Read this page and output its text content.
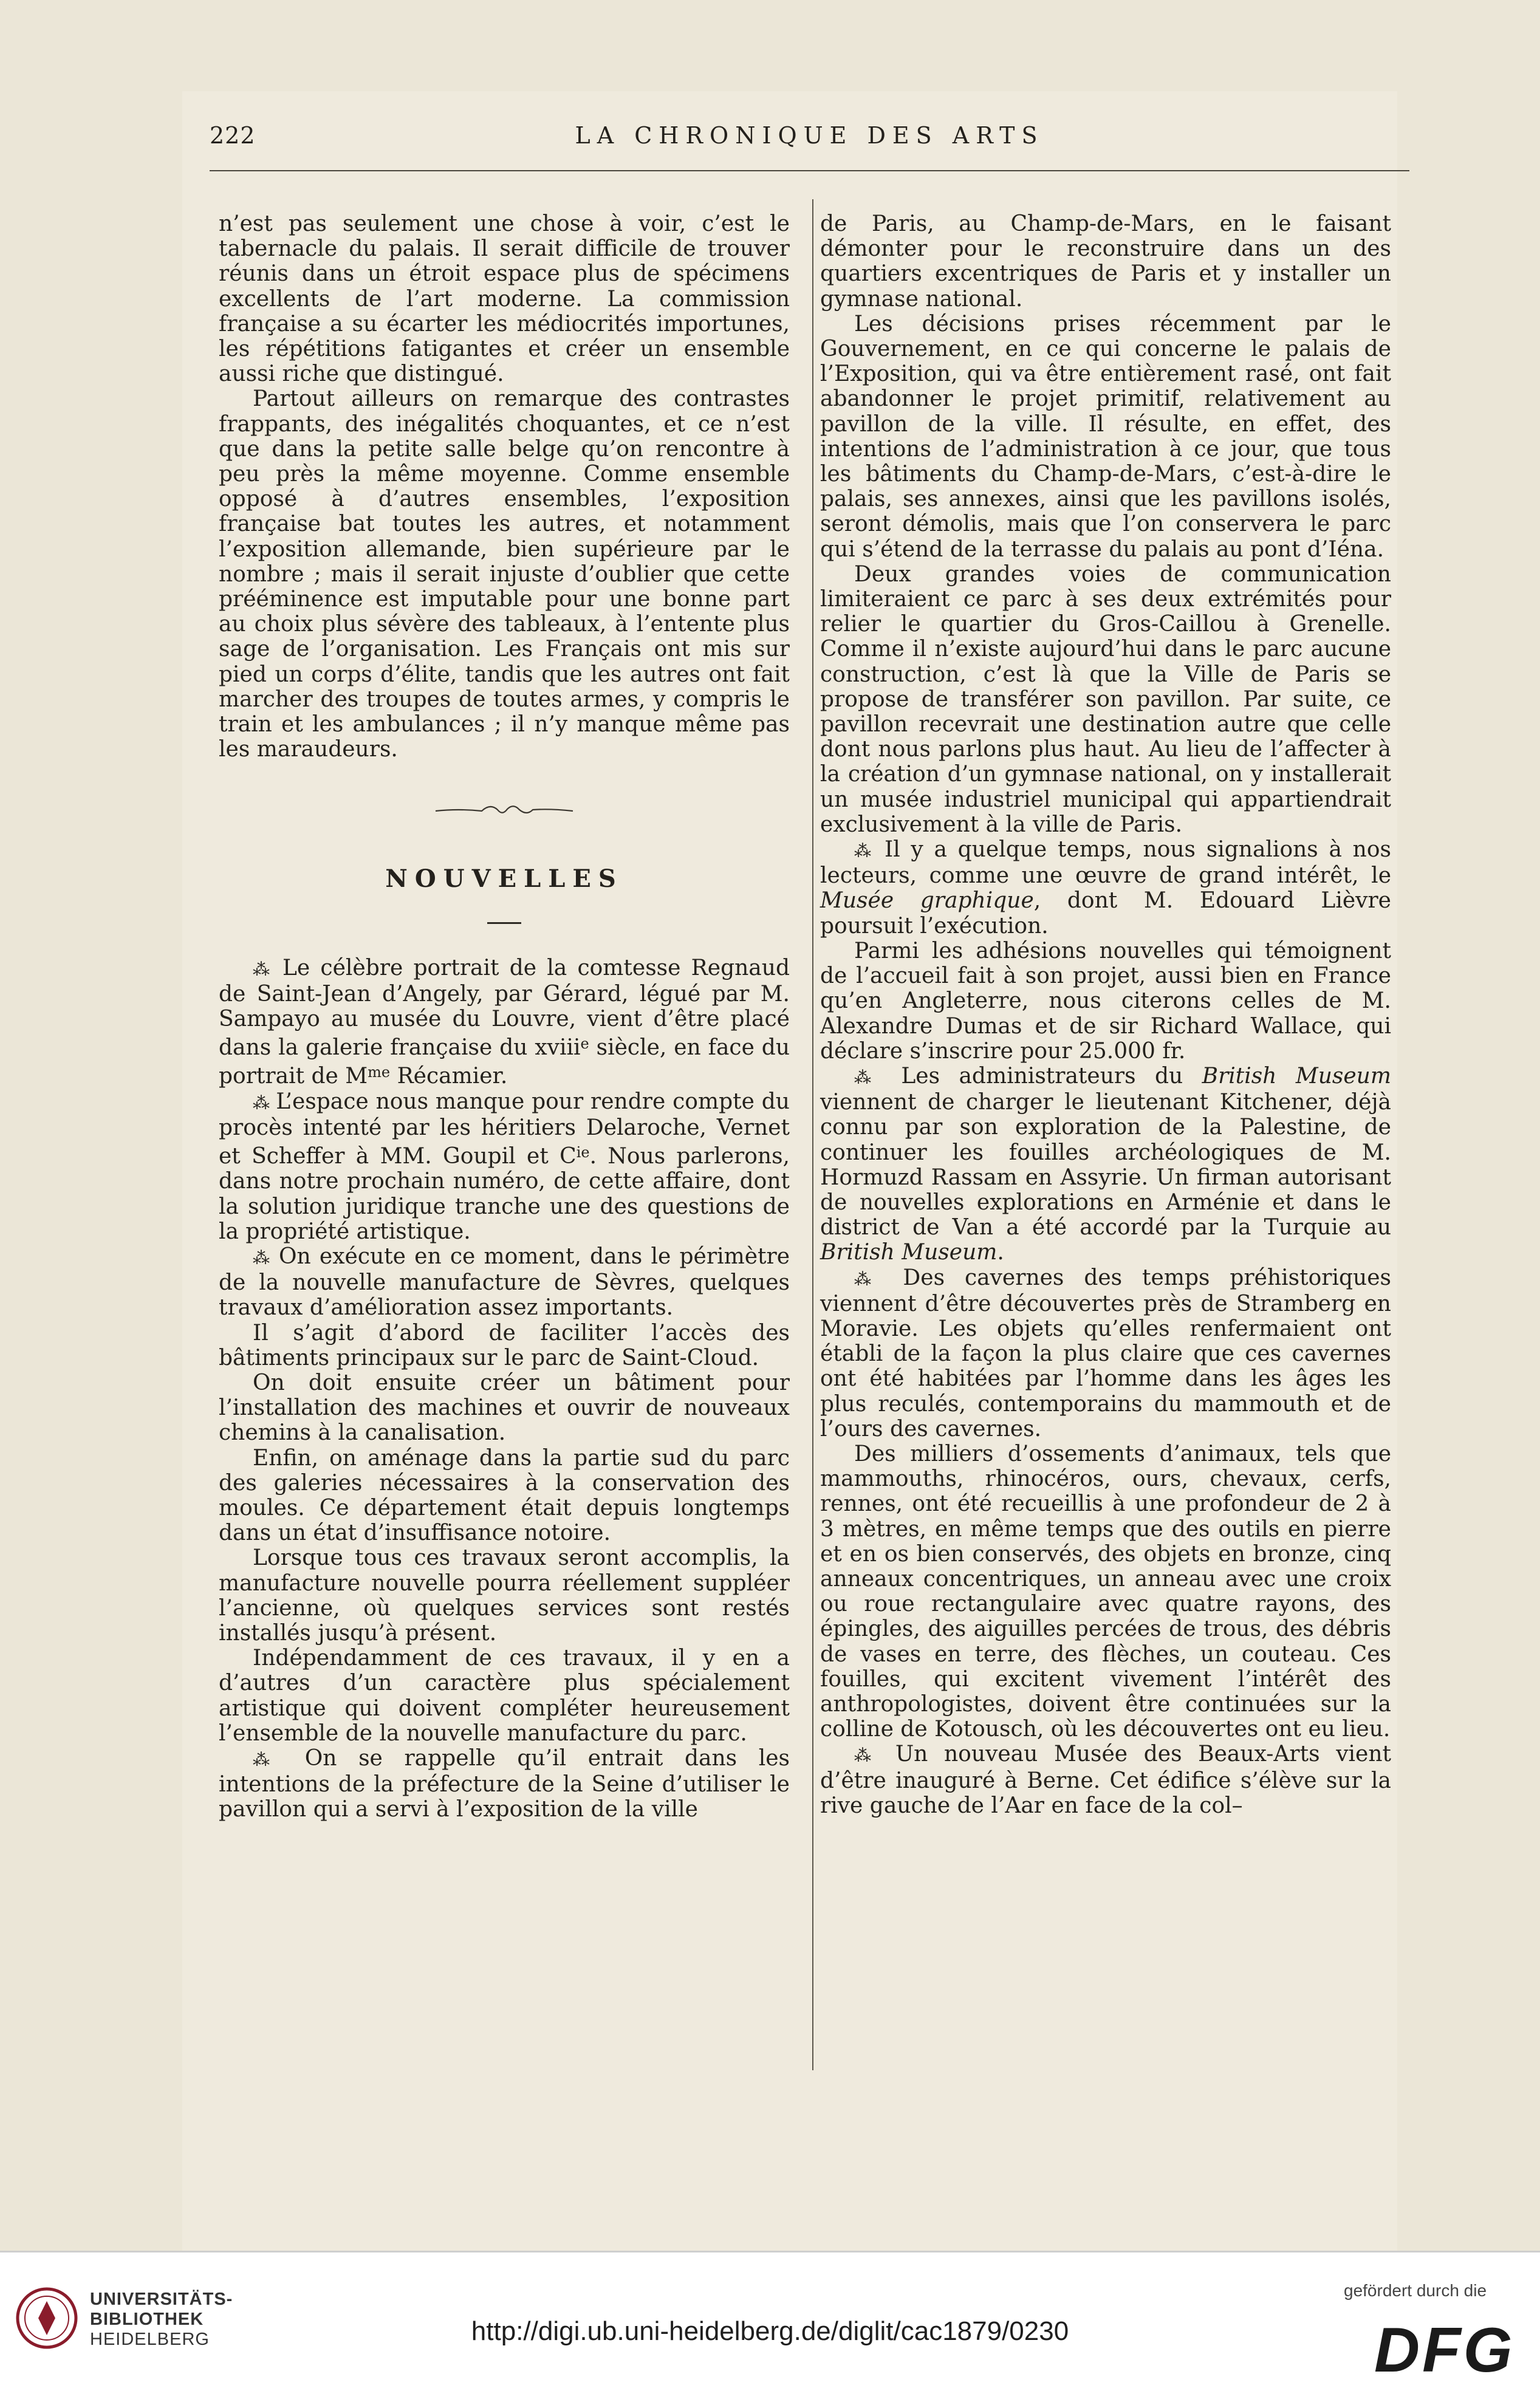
222	LA CHRONIQUE DES ARTS

n’est pas seulement une chose à voir, c’est le tabernacle du palais. Il serait difficile de trouver réunis dans un étroit espace plus de spécimens excellents de l’art moderne. La commission française a su écarter les médiocrités importunes, les répétitions fatigantes et créer un ensemble aussi riche que distingué.

Partout ailleurs on remarque des contrastes frappants, des inégalités choquantes, et ce n’est que dans la petite salle belge qu’on rencontre à peu près la même moyenne. Comme ensemble opposé à d’autres ensembles, l’exposition française bat toutes les autres, et notamment l’exposition allemande, bien supérieure par le nombre ; mais il serait injuste d’oublier que cette prééminence est imputable pour une bonne part au choix plus sévère des tableaux, à l’entente plus sage de l’organisation. Les Français ont mis sur pied un corps d’élite, tandis que les autres ont fait marcher des troupes de toutes armes, y compris le train et les ambulances ; il n’y manque même pas les maraudeurs.

NOUVELLES

⁂ Le célèbre portrait de la comtesse Regnaud de Saint-Jean d’Angely, par Gérard, légué par M. Sampayo au musée du Louvre, vient d’être placé dans la galerie française du xviii$^e$ siècle, en face du portrait de $M^{me}$ Récamier.

⁂ L’espace nous manque pour rendre compte du procès intenté par les héritiers Delaroche, Vernet et Scheffer à MM. Goupil et $C^{ie}$. Nous parlerons, dans notre prochain numéro, de cette affaire, dont la solution juridique tranche une des questions de la propriété artistique.

⁂ On exécute en ce moment, dans le périmètre de la nouvelle manufacture de Sèvres, quelques travaux d’amélioration assez importants.

Il s’agit d’abord de faciliter l’accès des bâtiments principaux sur le parc de Saint-Cloud.

On doit ensuite créer un bâtiment pour l’installation des machines et ouvrir de nouveaux chemins à la canalisation.

Enfin, on aménage dans la partie sud du parc des galeries nécessaires à la conservation des moules. Ce département était depuis longtemps dans un état d’insuffisance notoire.

Lorsque tous ces travaux seront accomplis, la manufacture nouvelle pourra réellement suppléer l’ancienne, où quelques services sont restés installés jusqu’à présent.

Indépendamment de ces travaux, il y en a d’autres d’un caractère plus spécialement artistique qui doivent compléter heureusement l’ensemble de la nouvelle manufacture du parc.

⁂ On se rappelle qu’il entrait dans les intentions de la préfecture de la Seine d’utiliser le pavillon qui a servi à l’exposition de la ville

de Paris, au Champ-de-Mars, en le faisant démonter pour le reconstruire dans un des quartiers excentriques de Paris et y installer un gymnase national.

Les décisions prises récemment par le Gouvernement, en ce qui concerne le palais de l’Exposition, qui va être entièrement rasé, ont fait abandonner le projet primitif, relativement au pavillon de la ville. Il résulte, en effet, des intentions de l’administration à ce jour, que tous les bâtiments du Champ-de-Mars, c’est-à-dire le palais, ses annexes, ainsi que les pavillons isolés, seront démolis, mais que l’on conservera le parc qui s’étend de la terrasse du palais au pont d’Iéna.

Deux grandes voies de communication limiteraient ce parc à ses deux extrémités pour relier le quartier du Gros-Caillou à Grenelle. Comme il n’existe aujourd’hui dans le parc aucune construction, c’est là que la Ville de Paris se propose de transférer son pavillon. Par suite, ce pavillon recevrait une destination autre que celle dont nous parlons plus haut. Au lieu de l’affecter à la création d’un gymnase national, on y installerait un musée industriel municipal qui appartiendrait exclusivement à la ville de Paris.

⁂ Il y a quelque temps, nous signalions à nos lecteurs, comme une œuvre de grand intérêt, le Musée graphique, dont M. Edouard Lièvre poursuit l’exécution.

Parmi les adhésions nouvelles qui témoignent de l’accueil fait à son projet, aussi bien en France qu’en Angleterre, nous citerons celles de M. Alexandre Dumas et de sir Richard Wallace, qui déclare s’inscrire pour 25.000 fr.

⁂ Les administrateurs du British Museum viennent de charger le lieutenant Kitchener, déjà connu par son exploration de la Palestine, de continuer les fouilles archéologiques de M. Hormuzd Rassam en Assyrie. Un firman autorisant de nouvelles explorations en Arménie et dans le district de Van a été accordé par la Turquie au British Museum.

⁂ Des cavernes des temps préhistoriques viennent d’être découvertes près de Stramberg en Moravie. Les objets qu’elles renfermaient ont établi de la façon la plus claire que ces cavernes ont été habitées par l’homme dans les âges les plus reculés, contemporains du mammouth et de l’ours des cavernes.

Des milliers d’ossements d’animaux, tels que mammouths, rhinocéros, ours, chevaux, cerfs, rennes, ont été recueillis à une profondeur de 2 à 3 mètres, en même temps que des outils en pierre et en os bien conservés, des objets en bronze, cinq anneaux concentriques, un anneau avec une croix ou roue rectangulaire avec quatre rayons, des épingles, des aiguilles percées de trous, des débris de vases en terre, des flèches, un couteau. Ces fouilles, qui excitent vivement l’intérêt des anthropologistes, doivent être continuées sur la colline de Kotousch, où les découvertes ont eu lieu.

⁂ Un nouveau Musée des Beaux-Arts vient d’être inauguré à Berne. Cet édifice s’élève sur la rive gauche de l’Aar en face de la col–

UNIVERSITÄTS-
BIBLIOTHEK
HEIDELBERG	http://digi.ub.uni-heidelberg.de/diglit/cac1879/0230
gefördert durch die
DFG
